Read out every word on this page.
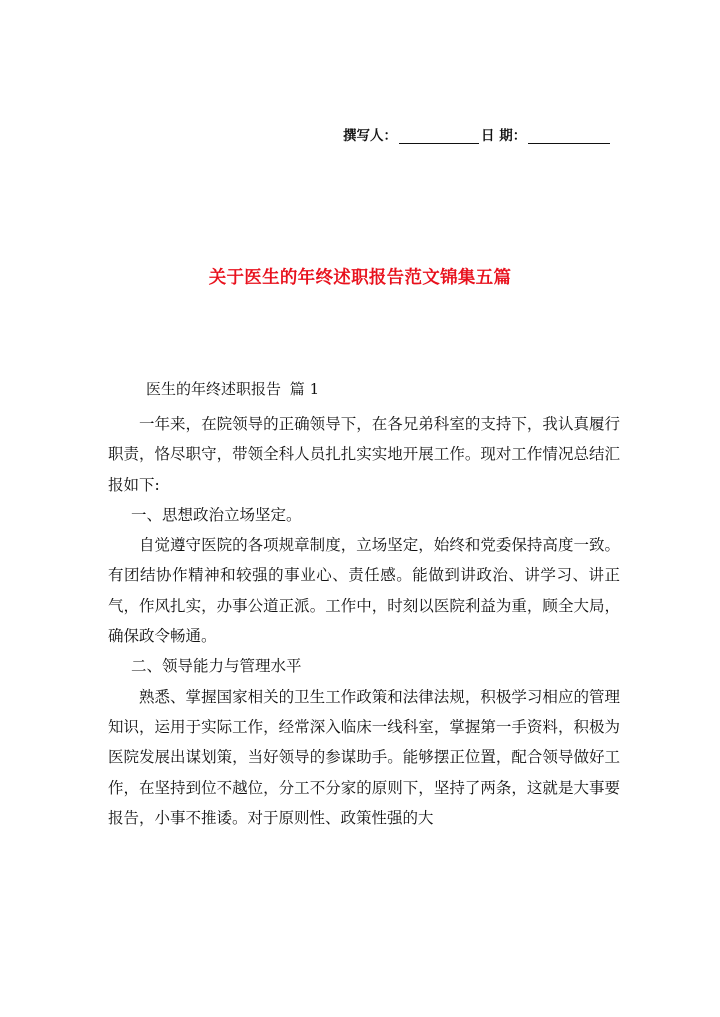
撰写人：	日 期：
关于医生的年终述职报告范文锦集五篇
医生的年终述职报告 篇 1

一年来，在院领导的正确领导下，在各兄弟科室的支持下，我认真履行职责，恪尽职守，带领全科人员扎扎实实地开展工作。现对工作情况总结汇报如下:

一、思想政治立场坚定。

自觉遵守医院的各项规章制度，立场坚定，始终和党委保持高度一致。有团结协作精神和较强的事业心、责任感。能做到讲政治、讲学习、讲正气，作风扎实，办事公道正派。工作中，时刻以医院利益为重，顾全大局，确保政令畅通。

二、领导能力与管理水平

熟悉、掌握国家相关的卫生工作政策和法律法规，积极学习相应的管理知识，运用于实际工作，经常深入临床一线科室，掌握第一手资料，积极为医院发展出谋划策，当好领导的参谋助手。能够摆正位置，配合领导做好工作，在坚持到位不越位，分工不分家的原则下，坚持了两条，这就是大事要报告，小事不推诿。对于原则性、政策性强的大
